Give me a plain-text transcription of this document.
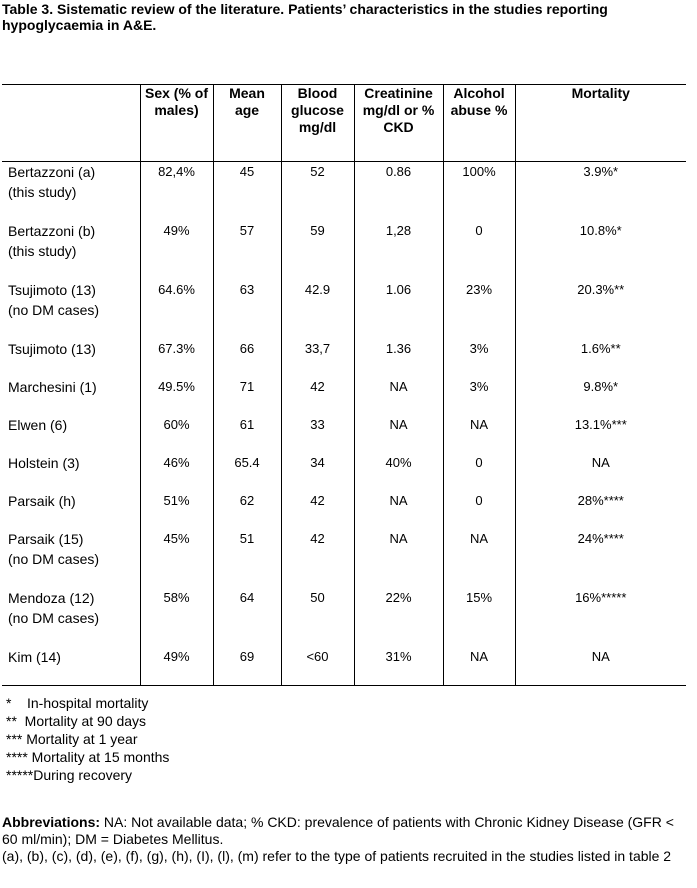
Table 3. Sistematic review of the literature. Patients’ characteristics in the studies reporting hypoglycaemia in A&E.
	Sex (% of males)	Mean age	Blood glucose mg/dl	Creatinine mg/dl or % CKD	Alcohol abuse %	Mortality

Bertazzoni (a)
(this study)	82,4%	45	52	0.86	100%	3.9%*

Bertazzoni (b)
(this study)	49%	57	59	1,28	0	10.8%*

Tsujimoto (13)
(no DM cases)	64.6%	63	42.9	1.06	23%	20.3%**

Tsujimoto (13)	67.3%	66	33,7	1.36	3%	1.6%**

Marchesini (1)	49.5%	71	42	NA	3%	9.8%*

Elwen (6)	60%	61	33	NA	NA	13.1%***

Holstein (3)	46%	65.4	34	40%	0	NA

Parsaik (h)	51%	62	42	NA	0	28%****

Parsaik (15)
(no DM cases)	45%	51	42	NA	NA	24%****

Mendoza (12)
(no DM cases)	58%	64	50	22%	15%	16%*****

Kim (14)	49%	69	<60	31%	NA	NA
*    In-hospital mortality
**  Mortality at 90 days
*** Mortality at 1 year
**** Mortality at 15 months
*****During recovery
Abbreviations: NA: Not available data; % CKD: prevalence of patients with Chronic Kidney Disease (GFR < 60 ml/min); DM = Diabetes Mellitus.
(a), (b), (c), (d), (e), (f), (g), (h), (I), (l), (m) refer to the type of patients recruited in the studies listed in table 2
